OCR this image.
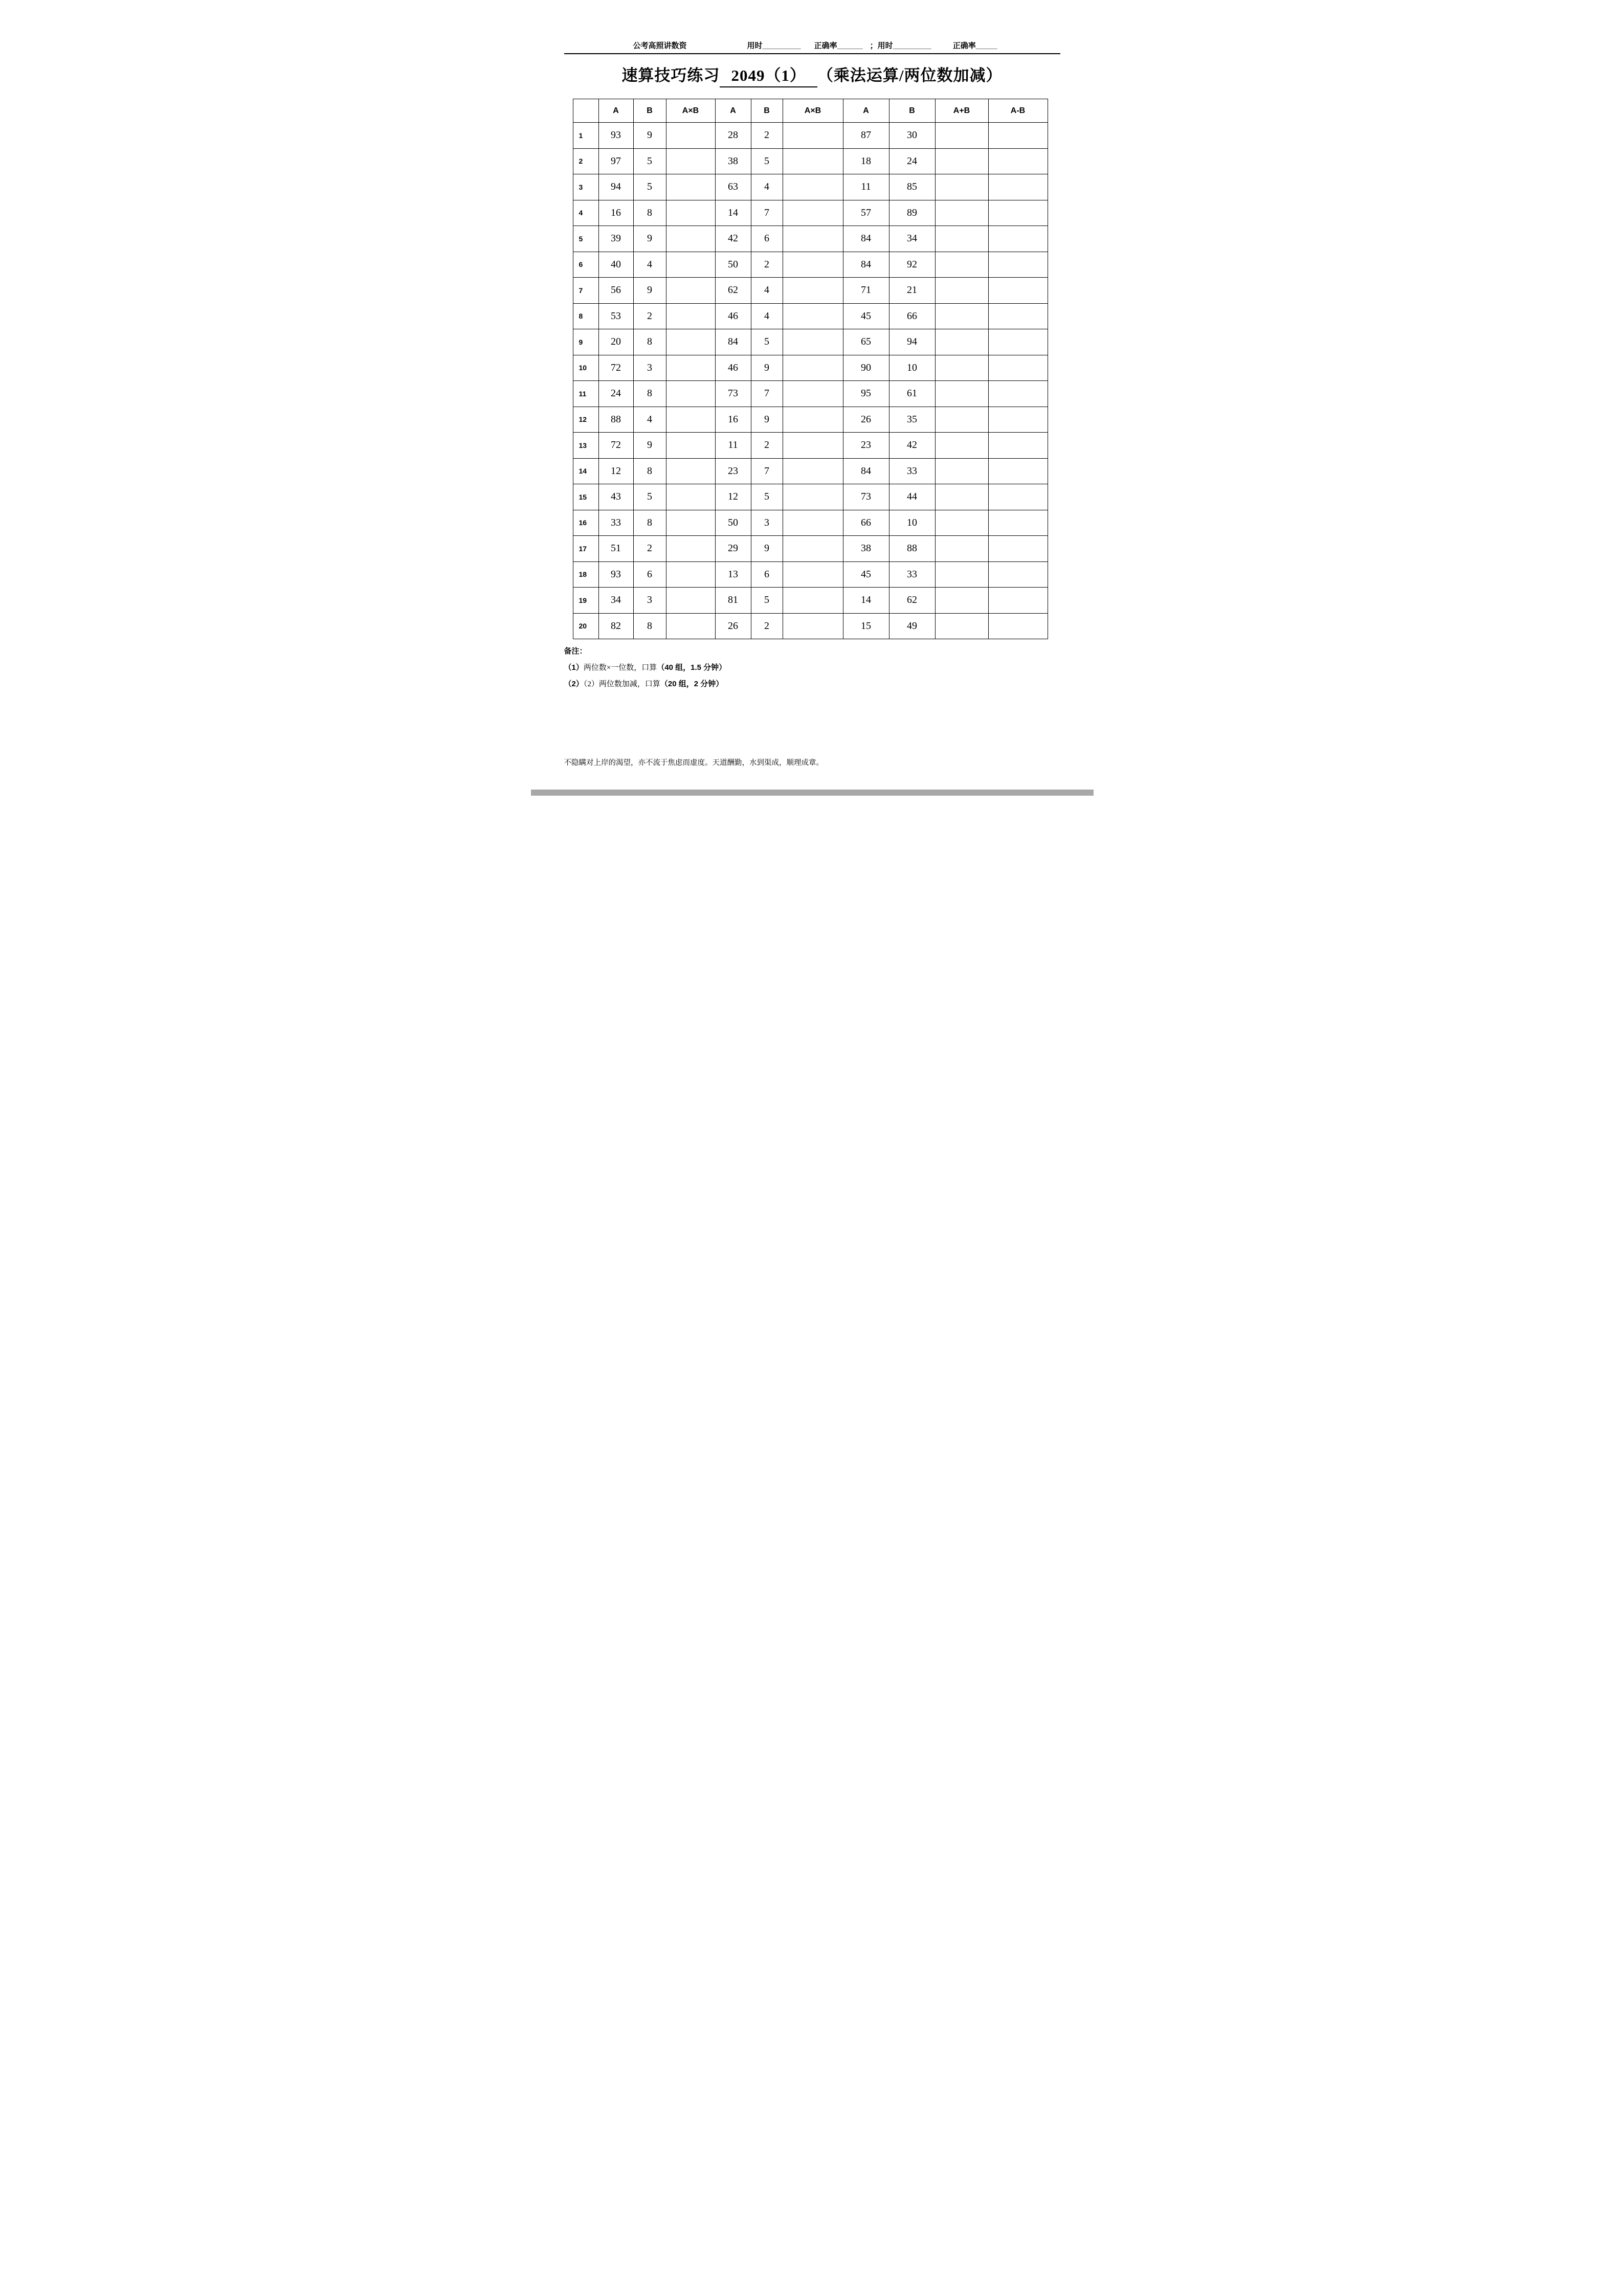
公考高照讲数资	用时_________ 正确率______ ；用时_________	正确率_____
速算技巧练习 2049（1） （乘法运算/两位数加减）
	A	B	A×B	A	B	A×B	A	B	A+B	A-B
1	93	9		28	2		87	30		
2	97	5		38	5		18	24		
3	94	5		63	4		11	85		
4	16	8		14	7		57	89		
5	39	9		42	6		84	34		
6	40	4		50	2		84	92		
7	56	9		62	4		71	21		
8	53	2		46	4		45	66		
9	20	8		84	5		65	94		
10	72	3		46	9		90	10		
11	24	8		73	7		95	61		
12	88	4		16	9		26	35		
13	72	9		11	2		23	42		
14	12	8		23	7		84	33		
15	43	5		12	5		73	44		
16	33	8		50	3		66	10		
17	51	2		29	9		38	88		
18	93	6		13	6		45	33		
19	34	3		81	5		14	62		
20	82	8		26	2		15	49		
备注：
（1）两位数×一位数，口算（40 组，1.5 分钟）
（2）（2）两位数加减，口算（20 组，2 分钟）
不隐瞒对上岸的渴望，亦不流于焦虑而虚度。天道酬勤，水到渠成，顺理成章。
